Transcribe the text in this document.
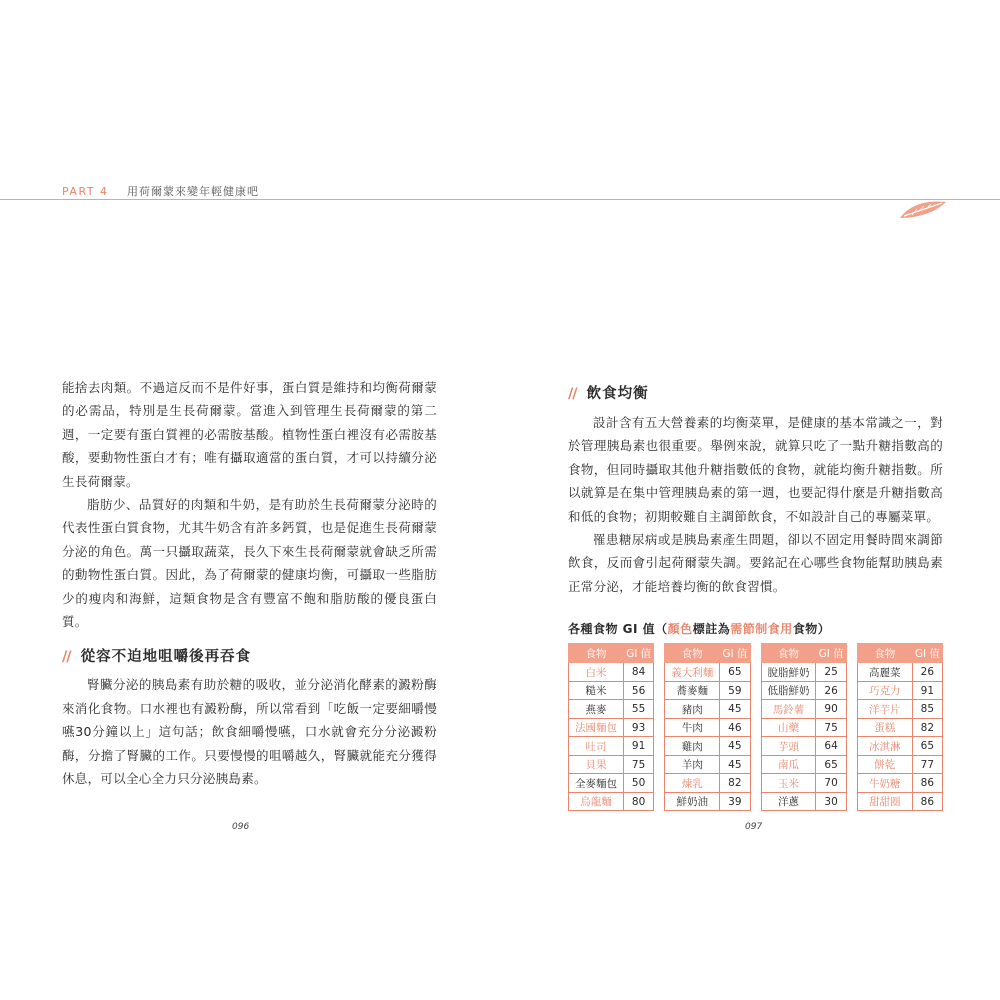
PART 4 用荷爾蒙來變年輕健康吧

能捨去肉類。不過這反而不是件好事，蛋白質是維持和均衡荷爾蒙的必需品，特別是生長荷爾蒙。當進入到管理生長荷爾蒙的第二週，一定要有蛋白質裡的必需胺基酸。植物性蛋白裡沒有必需胺基酸，要動物性蛋白才有；唯有攝取適當的蛋白質，才可以持續分泌生長荷爾蒙。

脂肪少、品質好的肉類和牛奶，是有助於生長荷爾蒙分泌時的代表性蛋白質食物，尤其牛奶含有許多鈣質，也是促進生長荷爾蒙分泌的角色。萬一只攝取蔬菜，長久下來生長荷爾蒙就會缺乏所需的動物性蛋白質。因此，為了荷爾蒙的健康均衡，可攝取一些脂肪少的瘦肉和海鮮，這類食物是含有豐富不飽和脂肪酸的優良蛋白質。

// 從容不迫地咀嚼後再吞食

腎臟分泌的胰島素有助於糖的吸收，並分泌消化酵素的澱粉酶來消化食物。口水裡也有澱粉酶，所以常看到「吃飯一定要細嚼慢嚥30分鐘以上」這句話；飲食細嚼慢嚥，口水就會充分分泌澱粉酶，分擔了腎臟的工作。只要慢慢的咀嚼越久，腎臟就能充分獲得休息，可以全心全力只分泌胰島素。

// 飲食均衡

設計含有五大營養素的均衡菜單，是健康的基本常識之一，對於管理胰島素也很重要。舉例來說，就算只吃了一點升糖指數高的食物，但同時攝取其他升糖指數低的食物，就能均衡升糖指數。所以就算是在集中管理胰島素的第一週，也要記得什麼是升糖指數高和低的食物；初期較難自主調節飲食，不如設計自己的專屬菜單。

罹患糖尿病或是胰島素產生問題，卻以不固定用餐時間來調節飲食，反而會引起荷爾蒙失調。要銘記在心哪些食物能幫助胰島素正常分泌，才能培養均衡的飲食習慣。

各種食物 GI 值（顏色標註為需節制食用食物）
食物	GI 值
白米	84
糙米	56
燕麥	55
法國麵包	93
吐司	91
貝果	75
全麥麵包	50
烏龍麵	80
食物	GI 值
義大利麵	65
蕎麥麵	59
豬肉	45
牛肉	46
雞肉	45
羊肉	45
煉乳	82
鮮奶油	39
食物	GI 值
脫脂鮮奶	25
低脂鮮奶	26
馬鈴薯	90
山藥	75
芋頭	64
南瓜	65
玉米	70
洋蔥	30
食物	GI 值
高麗菜	26
巧克力	91
洋芋片	85
蛋糕	82
冰淇淋	65
餅乾	77
牛奶糖	86
甜甜圈	86
096	097
